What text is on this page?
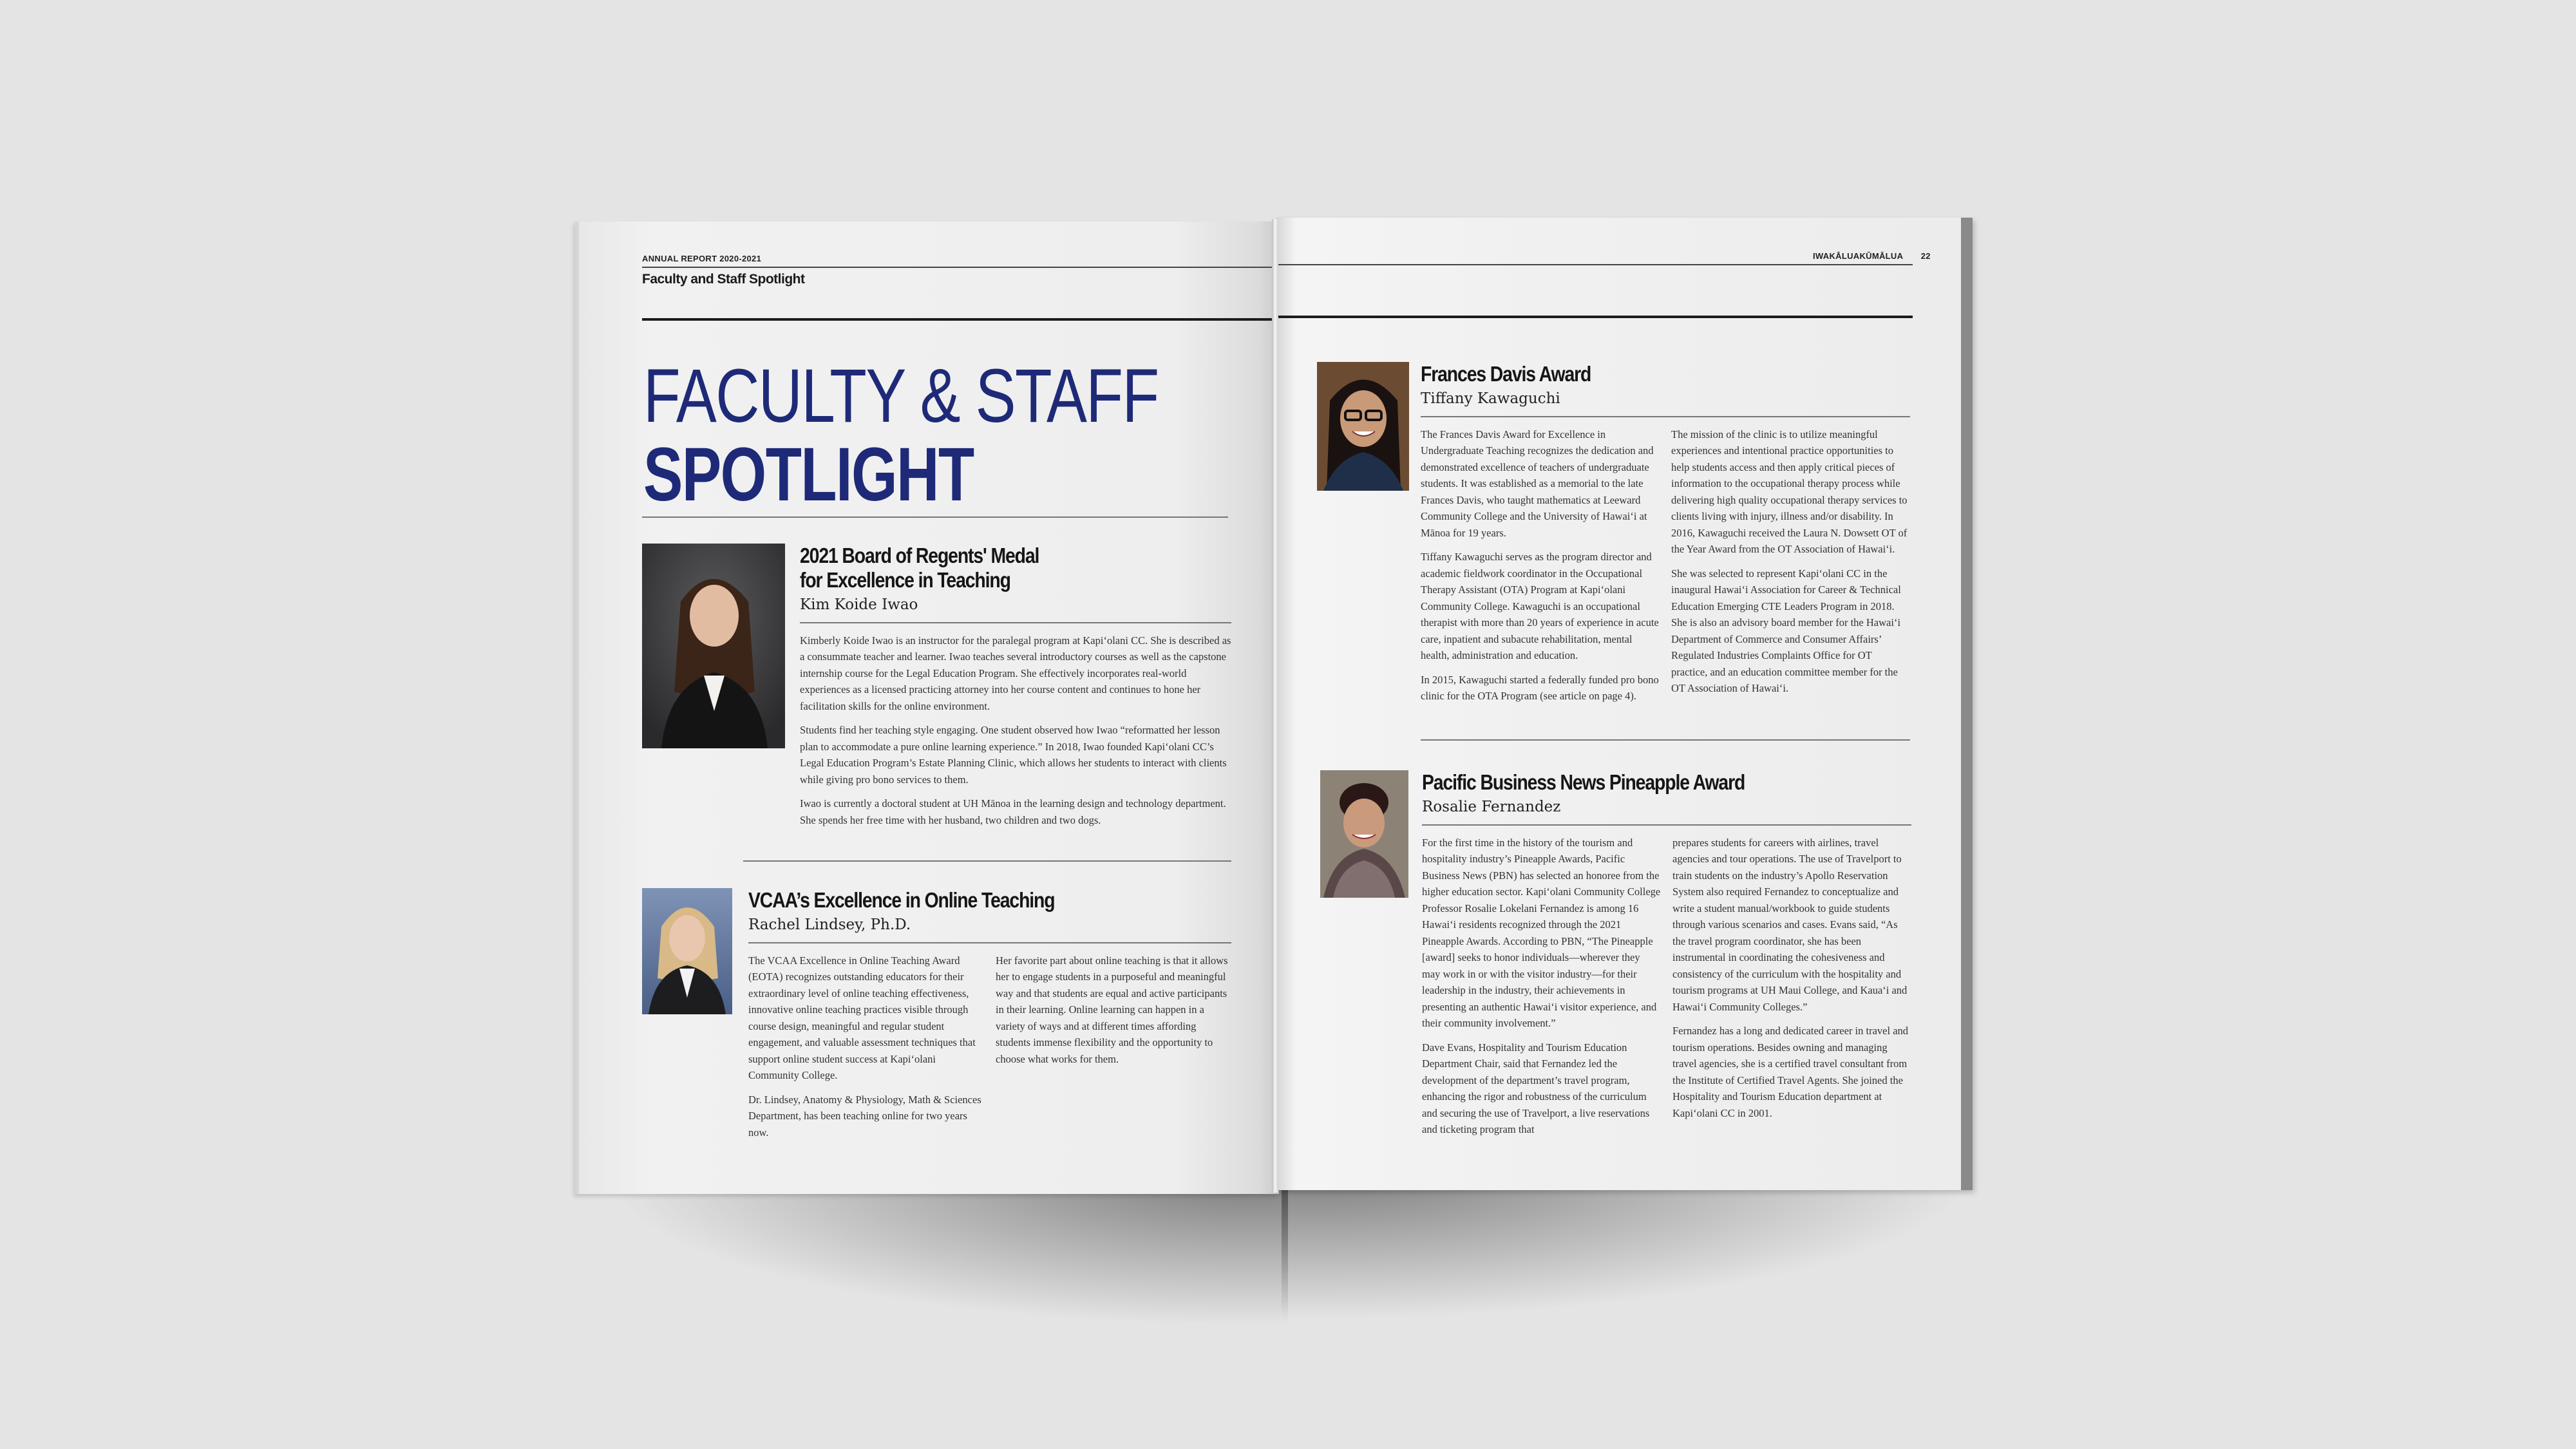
ANNUAL REPORT 2020-2021
Faculty and Staff Spotlight
FACULTY & STAFF
SPOTLIGHT
2021 Board of Regents' Medal
for Excellence in Teaching
Kim Koide Iwao

Kimberly Koide Iwao is an instructor for the paralegal program at Kapi‘olani CC. She is described as a consummate teacher and learner. Iwao teaches several introductory courses as well as the capstone internship course for the Legal Education Program. She effectively incorporates real-world experiences as a licensed practicing attorney into her course content and continues to hone her facilitation skills for the online environment.

Students find her teaching style engaging. One student observed how Iwao “reformatted her lesson plan to accommodate a pure online learning experience.” In 2018, Iwao founded Kapi‘olani CC’s Legal Education Program’s Estate Planning Clinic, which allows her students to interact with clients while giving pro bono services to them.

Iwao is currently a doctoral student at UH Mānoa in the learning design and technology department. She spends her free time with her husband, two children and two dogs.

VCAA’s Excellence in Online Teaching
Rachel Lindsey, Ph.D.

The VCAA Excellence in Online Teaching Award (EOTA) recognizes outstanding educators for their extraordinary level of online teaching effectiveness, innovative online teaching practices visible through course design, meaningful and regular student engagement, and valuable assessment techniques that support online student success at Kapi‘olani Community College.

Dr. Lindsey, Anatomy & Physiology, Math & Sciences Department, has been teaching online for two years now.

Her favorite part about online teaching is that it allows her to engage students in a purposeful and meaningful way and that students are equal and active participants in their learning. Online learning can happen in a variety of ways and at different times affording students immense flexibility and the opportunity to choose what works for them.

IWAKĀLUAKŪMĀLUA 22
Frances Davis Award
Tiffany Kawaguchi

The Frances Davis Award for Excellence in Undergraduate Teaching recognizes the dedication and demonstrated excellence of teachers of undergraduate students. It was established as a memorial to the late Frances Davis, who taught mathematics at Leeward Community College and the University of Hawai‘i at Mānoa for 19 years.

Tiffany Kawaguchi serves as the program director and academic fieldwork coordinator in the Occupational Therapy Assistant (OTA) Program at Kapi‘olani Community College. Kawaguchi is an occupational therapist with more than 20 years of experience in acute care, inpatient and subacute rehabilitation, mental health, administration and education.

In 2015, Kawaguchi started a federally funded pro bono clinic for the OTA Program (see article on page 4).

The mission of the clinic is to utilize meaningful experiences and intentional practice opportunities to help students access and then apply critical pieces of information to the occupational therapy process while delivering high quality occupational therapy services to clients living with injury, illness and/or disability. In 2016, Kawaguchi received the Laura N. Dowsett OT of the Year Award from the OT Association of Hawai‘i.

She was selected to represent Kapi‘olani CC in the inaugural Hawai‘i Association for Career & Technical Education Emerging CTE Leaders Program in 2018. She is also an advisory board member for the Hawai‘i Department of Commerce and Consumer Affairs’ Regulated Industries Complaints Office for OT practice, and an education committee member for the OT Association of Hawai‘i.

Pacific Business News Pineapple Award
Rosalie Fernandez

For the first time in the history of the tourism and hospitality industry’s Pineapple Awards, Pacific Business News (PBN) has selected an honoree from the higher education sector. Kapi‘olani Community College Professor Rosalie Lokelani Fernandez is among 16 Hawai‘i residents recognized through the 2021 Pineapple Awards. According to PBN, “The Pineapple [award] seeks to honor individuals—wherever they may work in or with the visitor industry—for their leadership in the industry, their achievements in presenting an authentic Hawai‘i visitor experience, and their community involvement.”

Dave Evans, Hospitality and Tourism Education Department Chair, said that Fernandez led the development of the department’s travel program, enhancing the rigor and robustness of the curriculum and securing the use of Travelport, a live reservations and ticketing program that

prepares students for careers with airlines, travel agencies and tour operations. The use of Travelport to train students on the industry’s Apollo Reservation System also required Fernandez to conceptualize and write a student manual/workbook to guide students through various scenarios and cases. Evans said, “As the travel program coordinator, she has been instrumental in coordinating the cohesiveness and consistency of the curriculum with the hospitality and tourism programs at UH Maui College, and Kaua‘i and Hawai‘i Community Colleges.”

Fernandez has a long and dedicated career in travel and tourism operations. Besides owning and managing travel agencies, she is a certified travel consultant from the Institute of Certified Travel Agents. She joined the Hospitality and Tourism Education department at Kapi‘olani CC in 2001.
